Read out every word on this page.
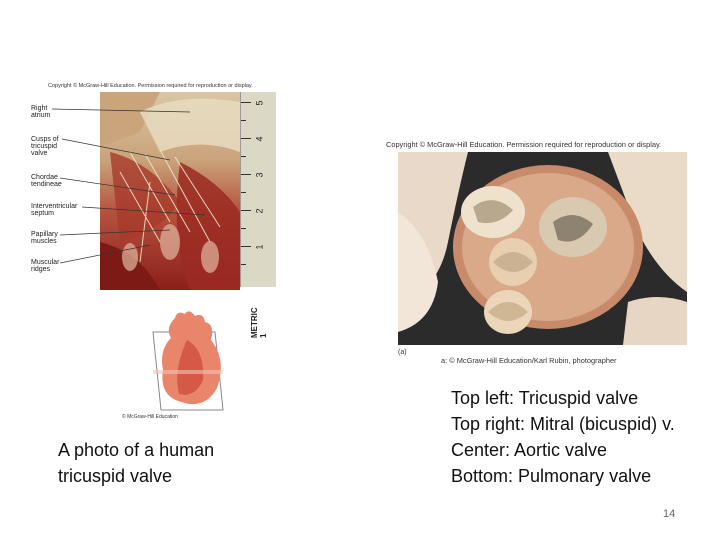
Copyright © McGraw-Hill Education. Permission required for reproduction or display.
5
4
3
2
1
METRIC 1
Right
atrium
Cusps of
tricuspid
valve
Chordae
tendineae
Interventricular
septum
Papillary
muscles
Muscular
ridges
© McGraw-Hill Education
Copyright © McGraw-Hill Education. Permission required for reproduction or display.
(a)
a: © McGraw-Hill Education/Karl Rubin, photographer
A photo of a human
tricuspid valve
Top left: Tricuspid valve
Top right: Mitral (bicuspid) v.
Center: Aortic valve
Bottom: Pulmonary valve
14
